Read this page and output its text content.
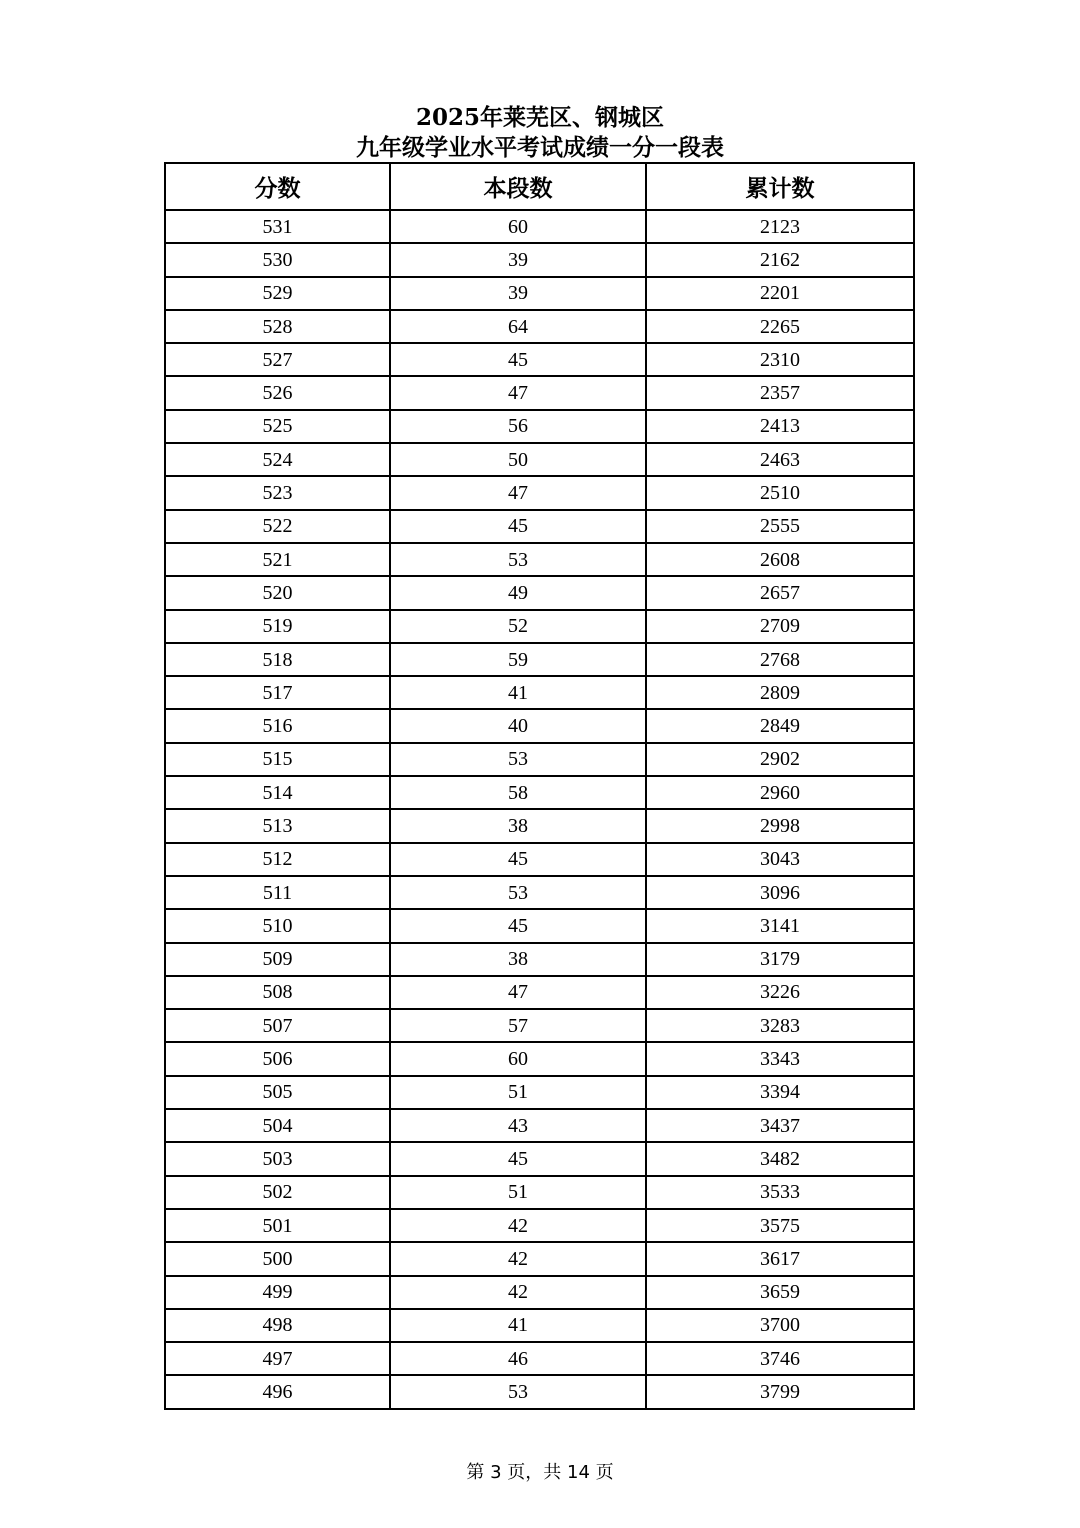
2025年莱芜区、钢城区
九年级学业水平考试成绩一分一段表
分数	本段数	累计数
531	60	2123
530	39	2162
529	39	2201
528	64	2265
527	45	2310
526	47	2357
525	56	2413
524	50	2463
523	47	2510
522	45	2555
521	53	2608
520	49	2657
519	52	2709
518	59	2768
517	41	2809
516	40	2849
515	53	2902
514	58	2960
513	38	2998
512	45	3043
511	53	3096
510	45	3141
509	38	3179
508	47	3226
507	57	3283
506	60	3343
505	51	3394
504	43	3437
503	45	3482
502	51	3533
501	42	3575
500	42	3617
499	42	3659
498	41	3700
497	46	3746
496	53	3799
第 3 页，共 14 页
